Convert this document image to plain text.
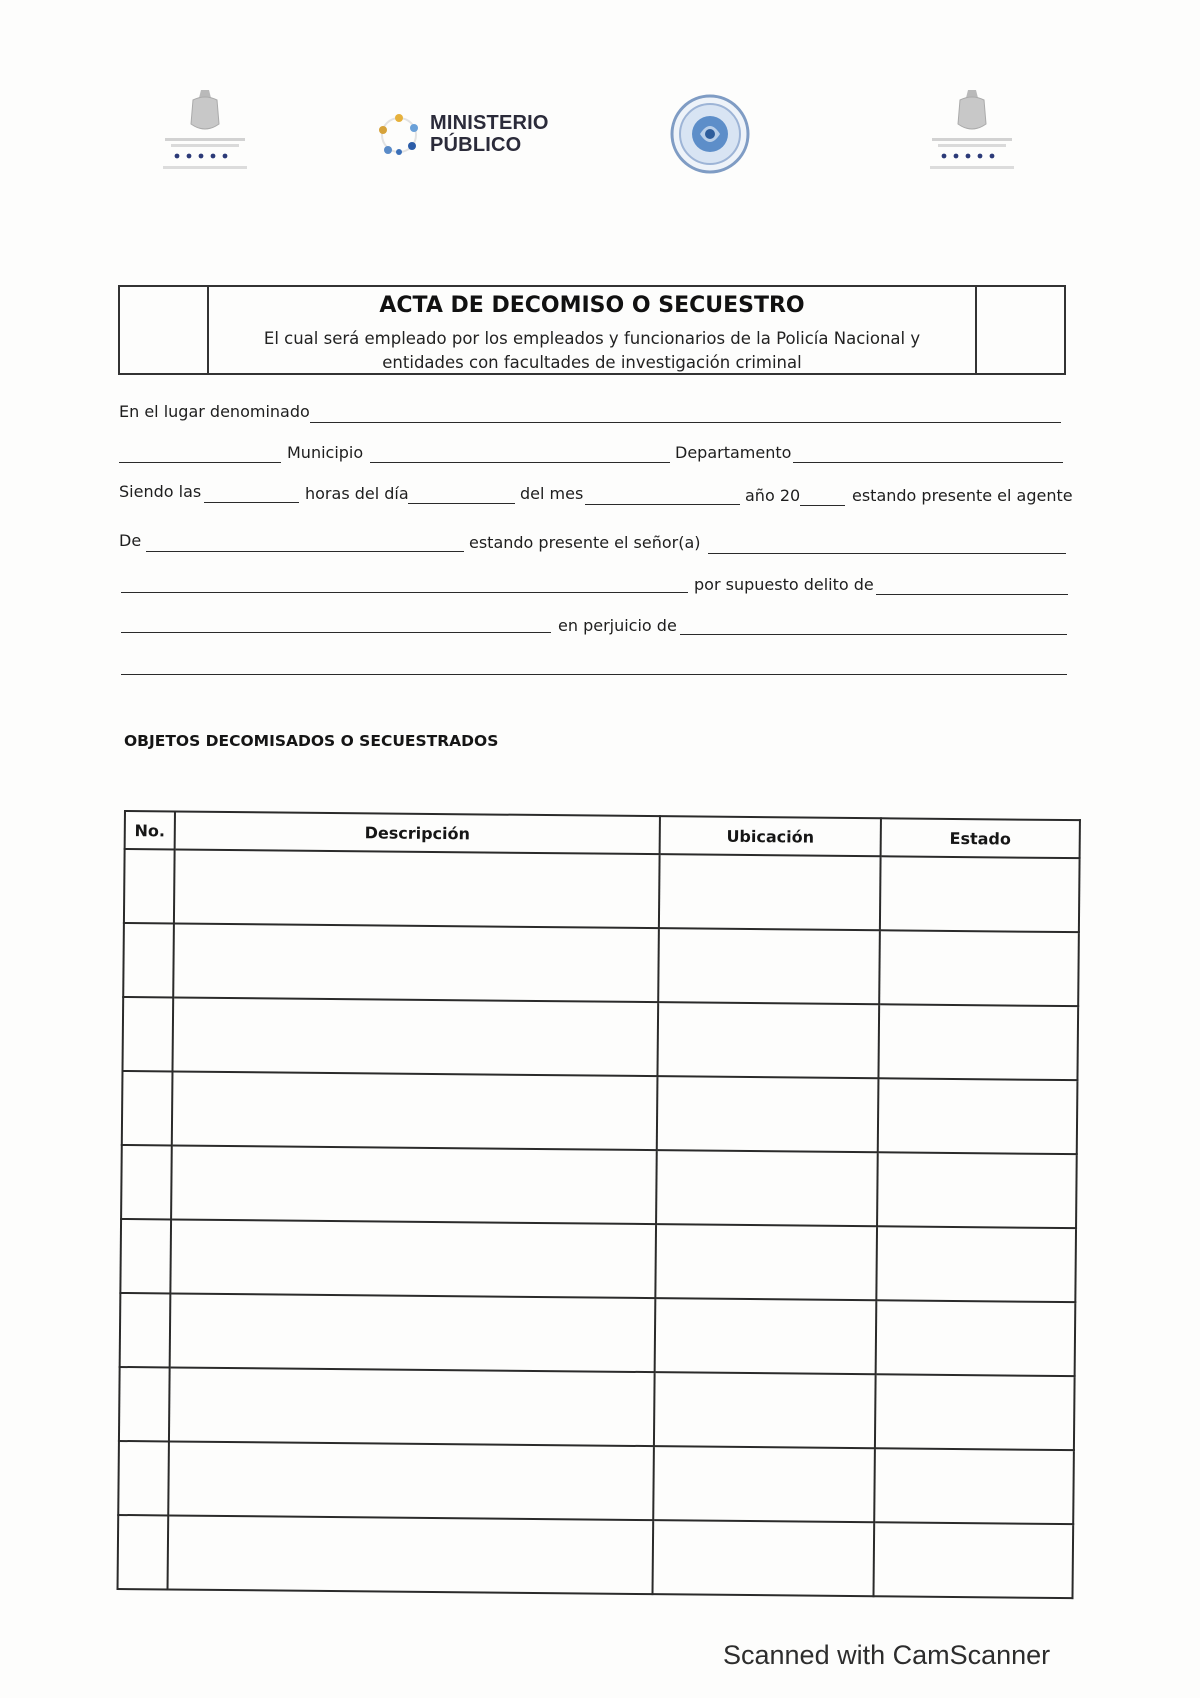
MINISTERIO
PÚBLICO
ACTA DE DECOMISO O SECUESTRO
El cual será empleado por los empleados y funcionarios de la Policía Nacional y
entidades con facultades de investigación criminal
En el lugar denominado
Municipio	Departamento
Siendo las	horas del día	del mes	año 20	estando presente el agente
De	estando presente el señor(a)
por supuesto delito de
en perjuicio de
OBJETOS DECOMISADOS O SECUESTRADOS
No.	Descripción	Ubicación	Estado

Scanned with CamScanner
